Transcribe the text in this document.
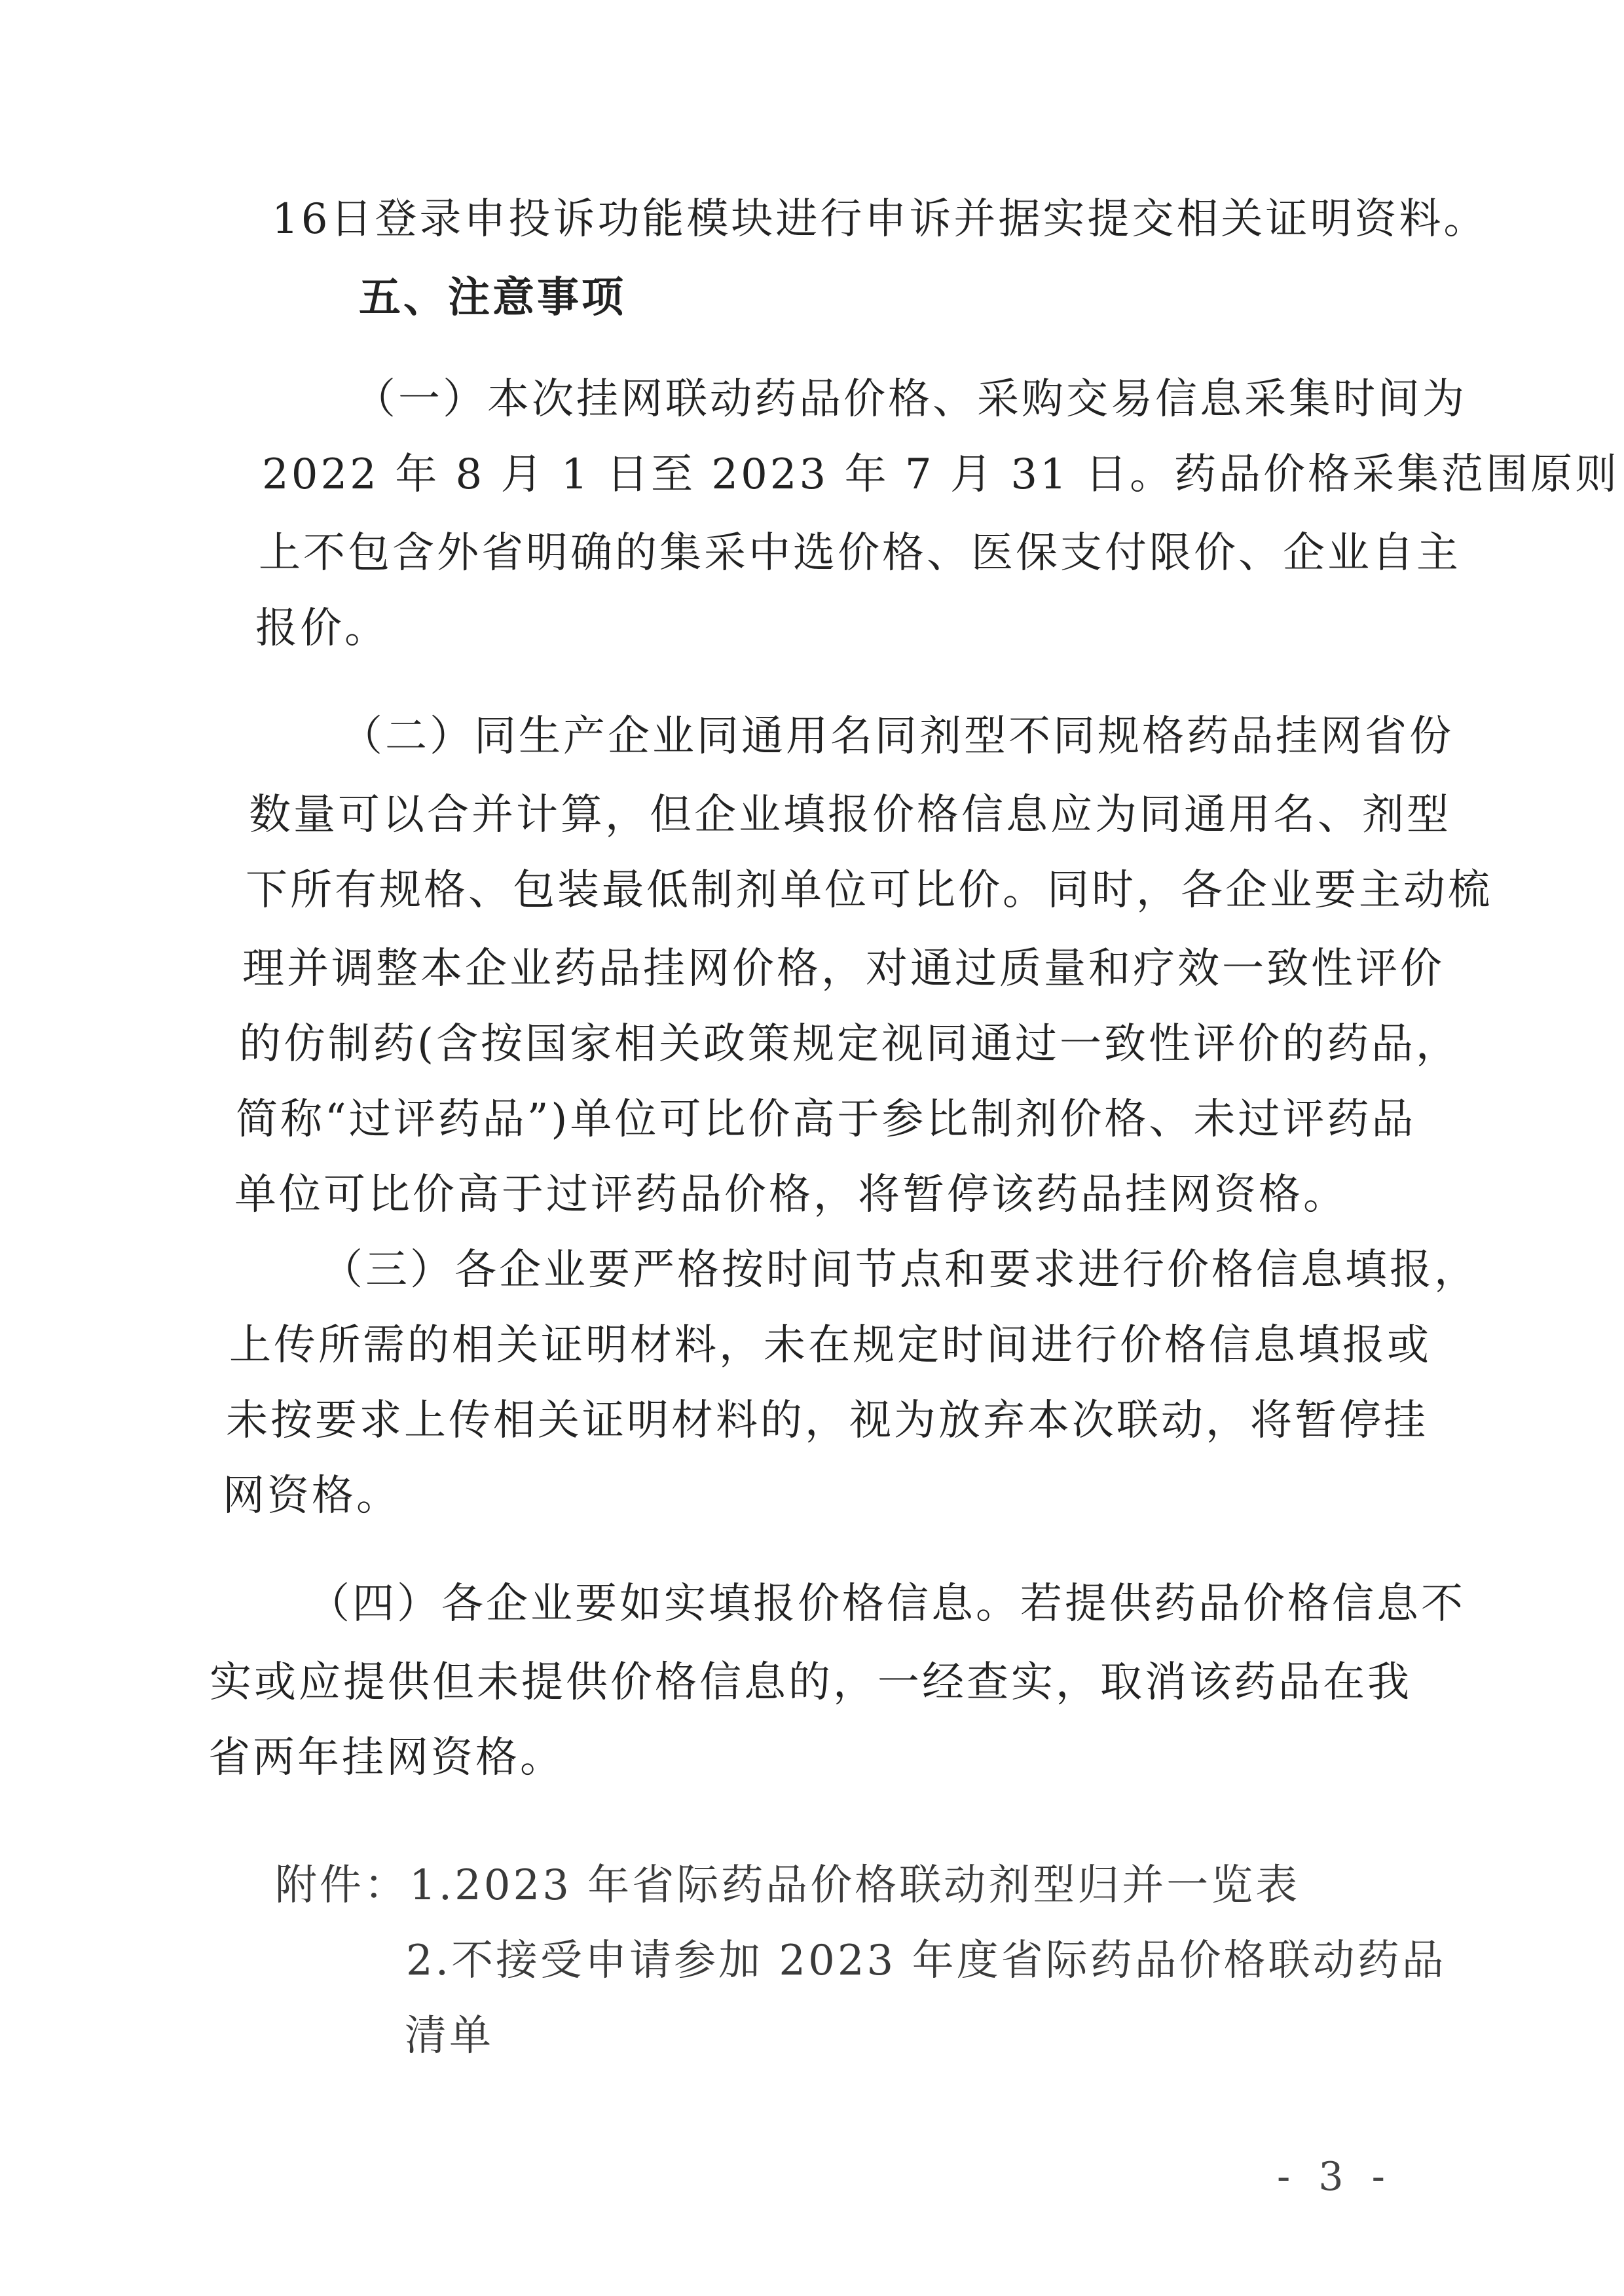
16日登录申投诉功能模块进行申诉并据实提交相关证明资料。
五、注意事项
（一）本次挂网联动药品价格、采购交易信息采集时间为
2022 年 8 月 1 日至 2023 年 7 月 31 日。药品价格采集范围原则
上不包含外省明确的集采中选价格、医保支付限价、企业自主
报价。
（二）同生产企业同通用名同剂型不同规格药品挂网省份
数量可以合并计算，但企业填报价格信息应为同通用名、剂型
下所有规格、包装最低制剂单位可比价。同时，各企业要主动梳
理并调整本企业药品挂网价格，对通过质量和疗效一致性评价
的仿制药(含按国家相关政策规定视同通过一致性评价的药品，
简称“过评药品”)单位可比价高于参比制剂价格、未过评药品
单位可比价高于过评药品价格，将暂停该药品挂网资格。
（三）各企业要严格按时间节点和要求进行价格信息填报，
上传所需的相关证明材料，未在规定时间进行价格信息填报或
未按要求上传相关证明材料的，视为放弃本次联动，将暂停挂
网资格。
（四）各企业要如实填报价格信息。若提供药品价格信息不
实或应提供但未提供价格信息的，一经查实，取消该药品在我
省两年挂网资格。
附件： 1.2023 年省际药品价格联动剂型归并一览表
2.不接受申请参加 2023 年度省际药品价格联动药品
清单
- 3 -
